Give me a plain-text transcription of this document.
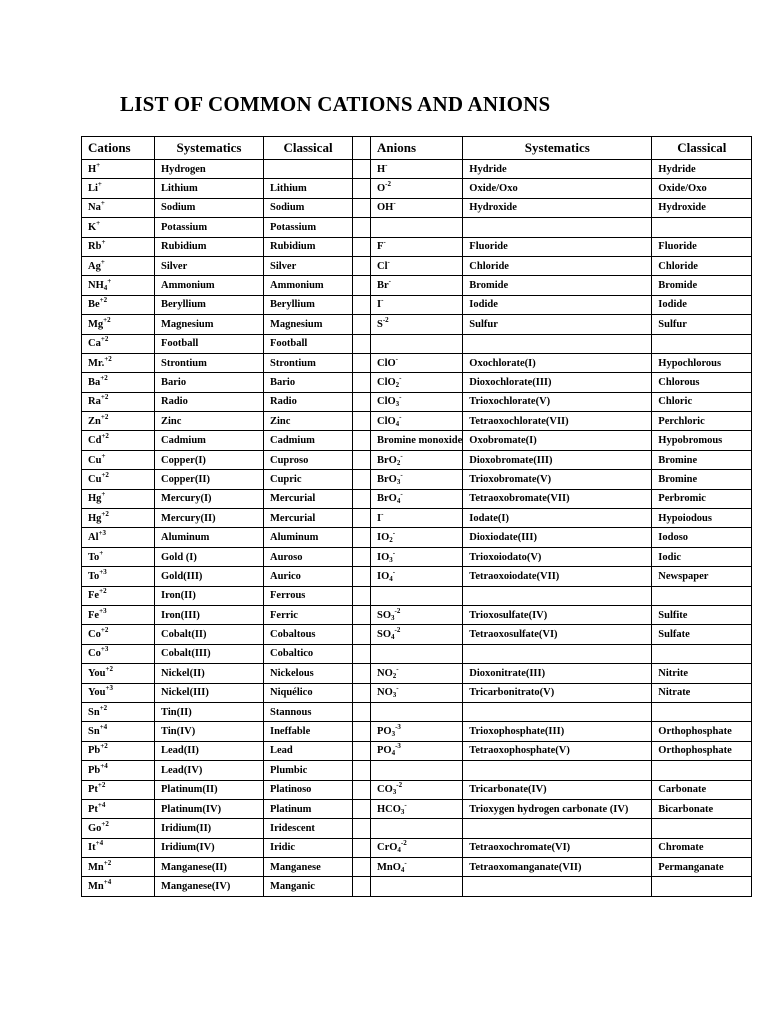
LIST OF COMMON CATIONS AND ANIONS
Cations	Systematics	Classical		Anions	Systematics	Classical
H+	Hydrogen			H-	Hydride	Hydride
Li+	Lithium	Lithium		$O^{-2}$	Oxide/Oxo	Oxide/Oxo
Na+	Sodium	Sodium		OH-	Hydroxide	Hydroxide
K+	Potassium	Potassium				
Rb+	Rubidium	Rubidium		F-	Fluoride	Fluoride
Ag+	Silver	Silver		Cl-	Chloride	Chloride
$NH_4^+$	Ammonium	Ammonium		Br-	Bromide	Bromide
$Be^{+2}$	Beryllium	Beryllium		I-	Iodide	Iodide
$Mg^{+2}$	Magnesium	Magnesium		$S^{-2}$	Sulfur	Sulfur
$Ca^{+2}$	Football	Football				
Mr.$^{+2}$	Strontium	Strontium		ClO-	Oxochlorate(I)	Hypochlorous
$Ba^{+2}$	Bario	Bario		ClO$_2$-	Dioxochlorate(III)	Chlorous
$Ra^{+2}$	Radio	Radio		ClO$_3$-	Trioxochlorate(V)	Chloric
$Zn^{+2}$	Zinc	Zinc		ClO$_4$-	Tetraoxochlorate(VII)	Perchloric
$Cd^{+2}$	Cadmium	Cadmium		Bromine monoxide	Oxobromate(I)	Hypobromous
Cu+	Copper(I)	Cuproso		BrO$_2$-	Dioxobromate(III)	Bromine
$Cu^{+2}$	Copper(II)	Cupric		BrO$_3$-	Trioxobromate(V)	Bromine
Hg+	Mercury(I)	Mercurial		BrO$_4$-	Tetraoxobromate(VII)	Perbromic
$Hg^{+2}$	Mercury(II)	Mercurial		I-	Iodate(I)	Hypoiodous
$Al^{+3}$	Aluminum	Aluminum		$IO_2^-$	Dioxiodate(III)	Iodoso
To+	Gold (I)	Auroso		$IO_3^-$	Trioxoiodato(V)	Iodic
$To^{+3}$	Gold(III)	Aurico		$IO_4^-$	Tetraoxoiodate(VII)	Newspaper
$Fe^{+2}$	Iron(II)	Ferrous				
$Fe^{+3}$	Iron(III)	Ferric		$SO_3^{-2}$	Trioxosulfate(IV)	Sulfite
$Co^{+2}$	Cobalt(II)	Cobaltous		$SO_4^{-2}$	Tetraoxosulfate(VI)	Sulfate
$Co^{+3}$	Cobalt(III)	Cobaltico				
You$^{+2}$	Nickel(II)	Nickelous		$NO_2^-$	Dioxonitrate(III)	Nitrite
You$^{+3}$	Nickel(III)	Niquélico		$NO_3^-$	Tricarbonitrato(V)	Nitrate
$Sn^{+2}$	Tin(II)	Stannous				
$Sn^{+4}$	Tin(IV)	Ineffable		$PO_3^{-3}$	Trioxophosphate(III)	Orthophosphate
$Pb^{+2}$	Lead(II)	Lead		$PO_4^{-3}$	Tetraoxophosphate(V)	Orthophosphate
$Pb^{+4}$	Lead(IV)	Plumbic				
$Pt^{+2}$	Platinum(II)	Platinoso		$CO_3^{-2}$	Tricarbonate(IV)	Carbonate
$Pt^{+4}$	Platinum(IV)	Platinum		$HCO_3^-$	Trioxygen hydrogen carbonate (IV)	Bicarbonate
$Go^{+2}$	Iridium(II)	Iridescent				
$It^{+4}$	Iridium(IV)	Iridic		CrO$_4^{-2}$	Tetraoxochromate(VI)	Chromate
$Mn^{+2}$	Manganese(II)	Manganese		MnO$_4$-	Tetraoxomanganate(VII)	Permanganate
$Mn^{+4}$	Manganese(IV)	Manganic				
